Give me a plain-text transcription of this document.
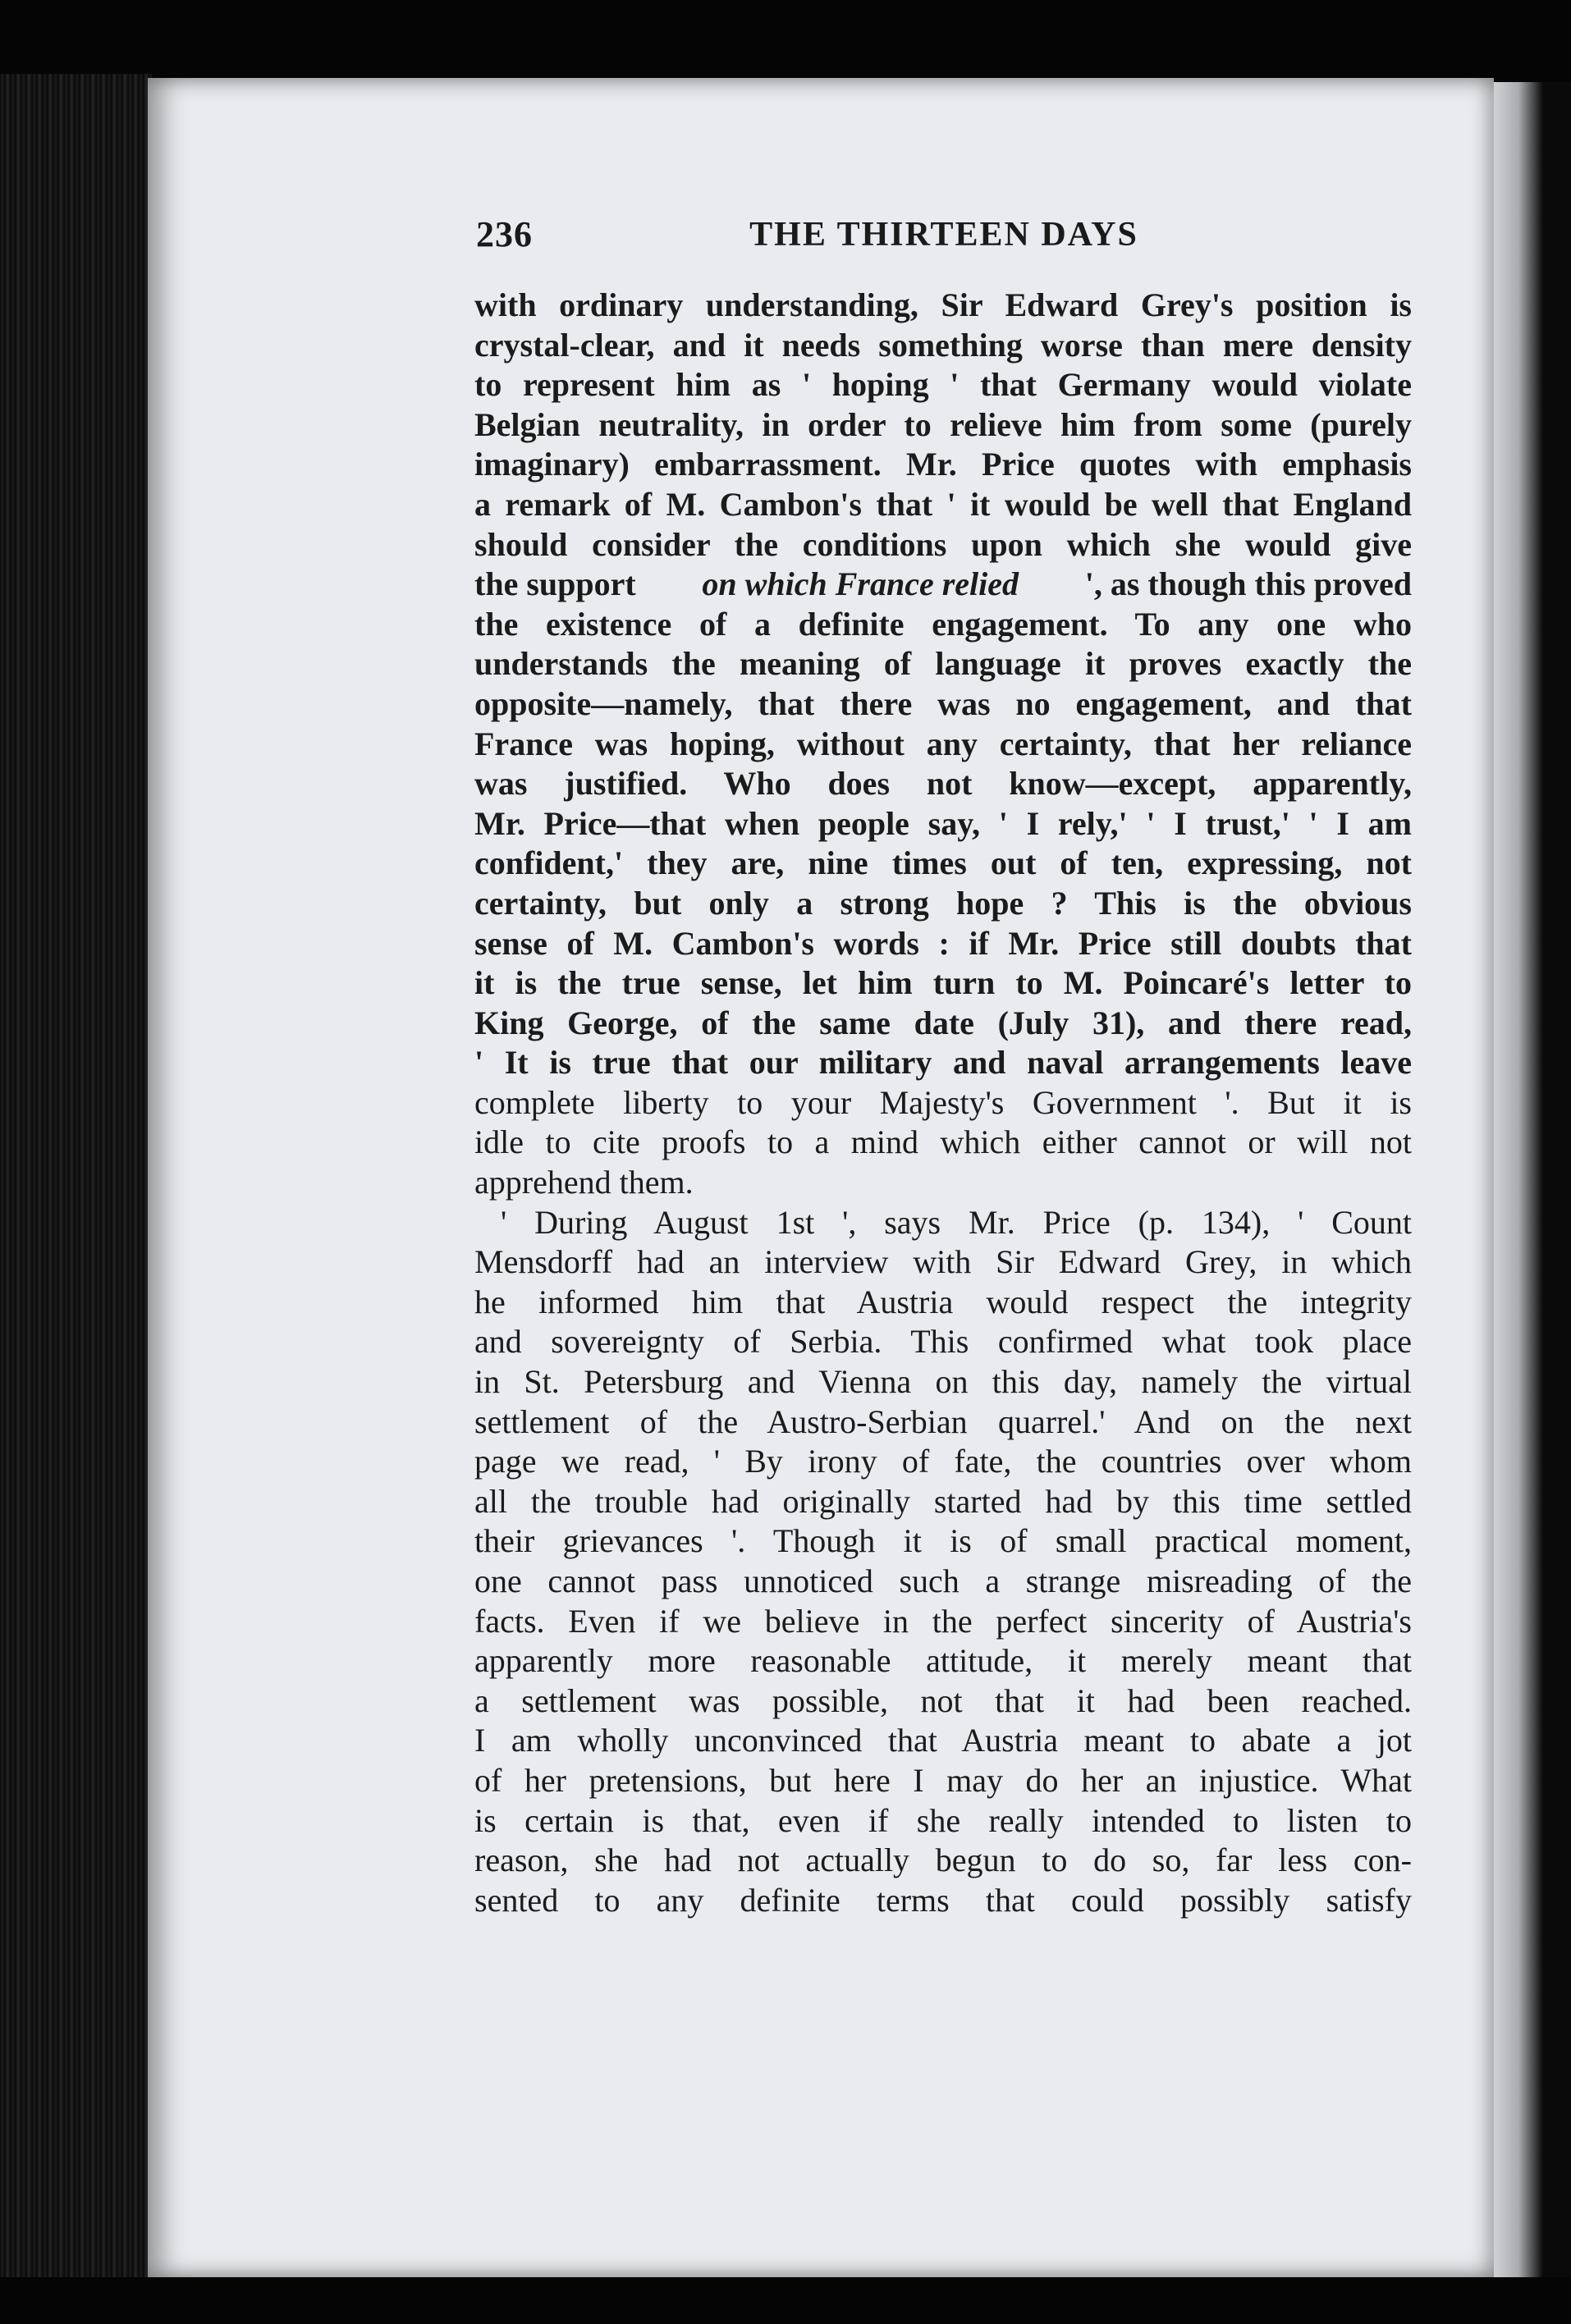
236	THE THIRTEEN DAYS
with ordinary understanding, Sir Edward Grey's position is
crystal-clear, and it needs something worse than mere density
to represent him as ' hoping ' that Germany would violate
Belgian neutrality, in order to relieve him from some (purely
imaginary) embarrassment. Mr. Price quotes with emphasis
a remark of M. Cambon's that ' it would be well that England
should consider the conditions upon which she would give
the support on which France relied ', as though this proved
the existence of a definite engagement. To any one who
understands the meaning of language it proves exactly the
opposite—namely, that there was no engagement, and that
France was hoping, without any certainty, that her reliance
was justified. Who does not know—except, apparently,
Mr. Price—that when people say, ' I rely,' ' I trust,' ' I am
confident,' they are, nine times out of ten, expressing, not
certainty, but only a strong hope ? This is the obvious
sense of M. Cambon's words : if Mr. Price still doubts that
it is the true sense, let him turn to M. Poincaré's letter to
King George, of the same date (July 31), and there read,
' It is true that our military and naval arrangements leave
complete liberty to your Majesty's Government '. But it is
idle to cite proofs to a mind which either cannot or will not
apprehend them.
' During August 1st ', says Mr. Price (p. 134), ' Count
Mensdorff had an interview with Sir Edward Grey, in which
he informed him that Austria would respect the integrity
and sovereignty of Serbia. This confirmed what took place
in St. Petersburg and Vienna on this day, namely the virtual
settlement of the Austro-Serbian quarrel.' And on the next
page we read, ' By irony of fate, the countries over whom
all the trouble had originally started had by this time settled
their grievances '. Though it is of small practical moment,
one cannot pass unnoticed such a strange misreading of the
facts. Even if we believe in the perfect sincerity of Austria's
apparently more reasonable attitude, it merely meant that
a settlement was possible, not that it had been reached.
I am wholly unconvinced that Austria meant to abate a jot
of her pretensions, but here I may do her an injustice. What
is certain is that, even if she really intended to listen to
reason, she had not actually begun to do so, far less con-
sented to any definite terms that could possibly satisfy
